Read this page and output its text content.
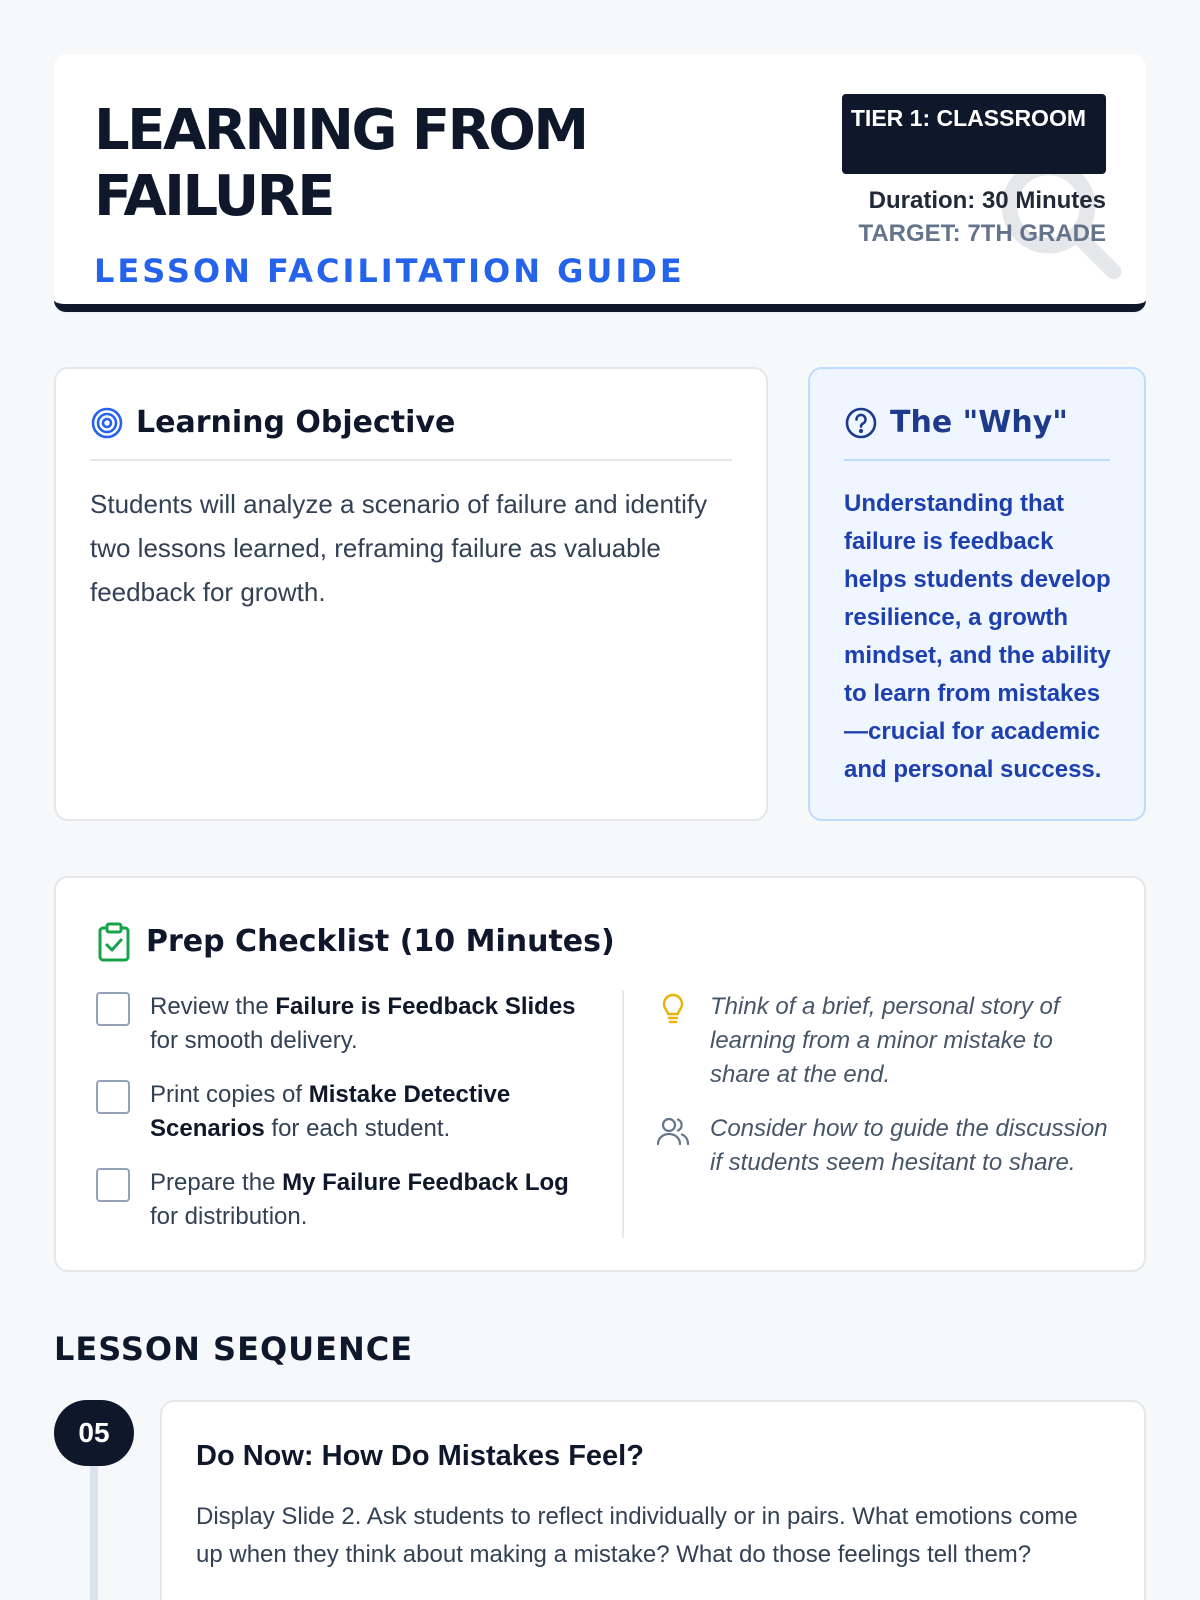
LEARNING FROM FAILURE
LESSON FACILITATION GUIDE
TIER 1: CLASSROOM
Duration: 30 Minutes
TARGET: 7TH GRADE
Learning Objective
Students will analyze a scenario of failure and identify two lessons learned, reframing failure as valuable feedback for growth.
The "Why"
Understanding that failure is feedback helps students develop resilience, a growth mindset, and the ability to learn from mistakes—crucial for academic and personal success.
Prep Checklist (10 Minutes)
Review the Failure is Feedback Slides for smooth delivery.
Print copies of Mistake Detective Scenarios for each student.
Prepare the My Failure Feedback Log for distribution.
Think of a brief, personal story of learning from a minor mistake to share at the end.
Consider how to guide the discussion if students seem hesitant to share.
LESSON SEQUENCE
05
Do Now: How Do Mistakes Feel?
Display Slide 2. Ask students to reflect individually or in pairs. What emotions come up when they think about making a mistake? What do those feelings tell them?
